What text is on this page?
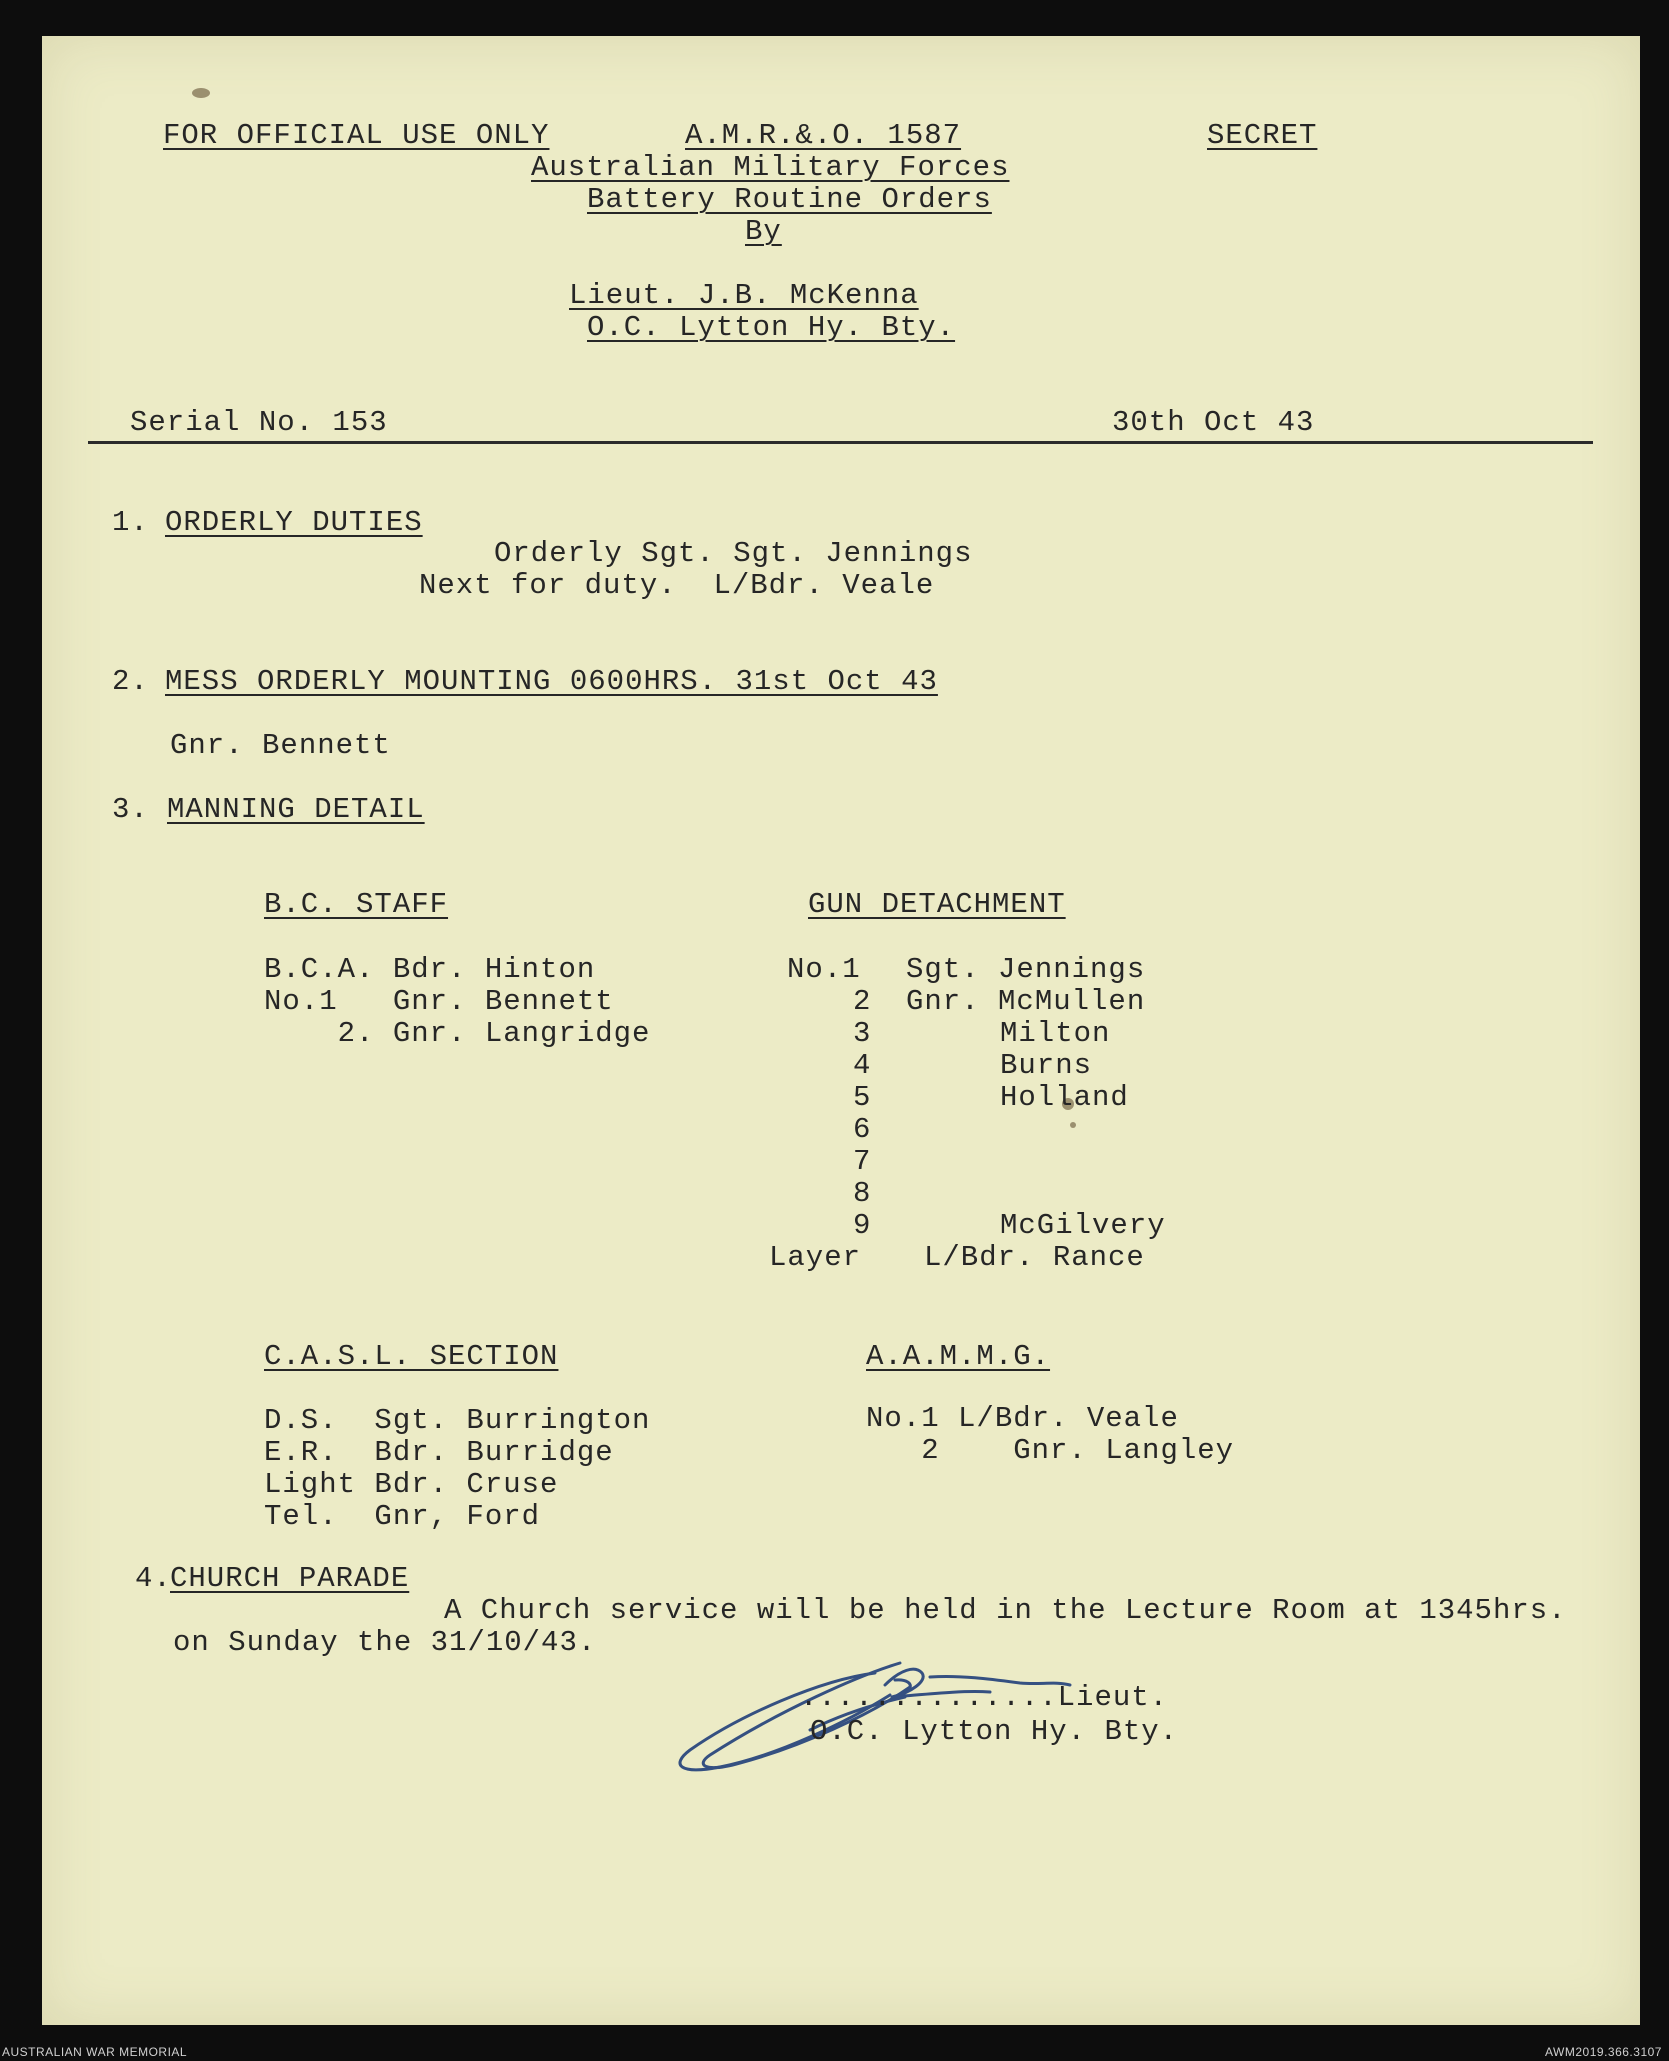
FOR OFFICIAL USE ONLY	A.M.R.&.O. 1587	SECRET
Australian Military Forces
Battery Routine Orders
By
Lieut. J.B. McKenna
O.C. Lytton Hy. Bty.
Serial No. 153	30th Oct 43
1. ORDERLY DUTIES
Orderly Sgt. Sgt. Jennings
Next for duty.  L/Bdr. Veale
2. MESS ORDERLY MOUNTING 0600HRS. 31st Oct 43
Gnr. Bennett
3. MANNING DETAIL
B.C. STAFF
B.C.A. Bdr. Hinton
No.1   Gnr. Bennett
2. Gnr. Langridge
GUN DETACHMENT
No.1 Sgt. Jennings
2 Gnr. McMullen
3	Milton
4	Burns
5	Holland
6
7
8
9	McGilvery
Layer L/Bdr. Rance
C.A.S.L. SECTION
D.S.  Sgt. Burrington
E.R.  Bdr. Burridge
Light Bdr. Cruse
Tel.  Gnr, Ford
A.A.M.M.G.
No.1 L/Bdr. Veale
2    Gnr. Langley
4.
CHURCH PARADE
A Church service will be held in the Lecture Room at 1345hrs.
on Sunday the 31/10/43.
..............Lieut.
O.C. Lytton Hy. Bty.
AUSTRALIAN WAR MEMORIAL	AWM2019.366.3107
